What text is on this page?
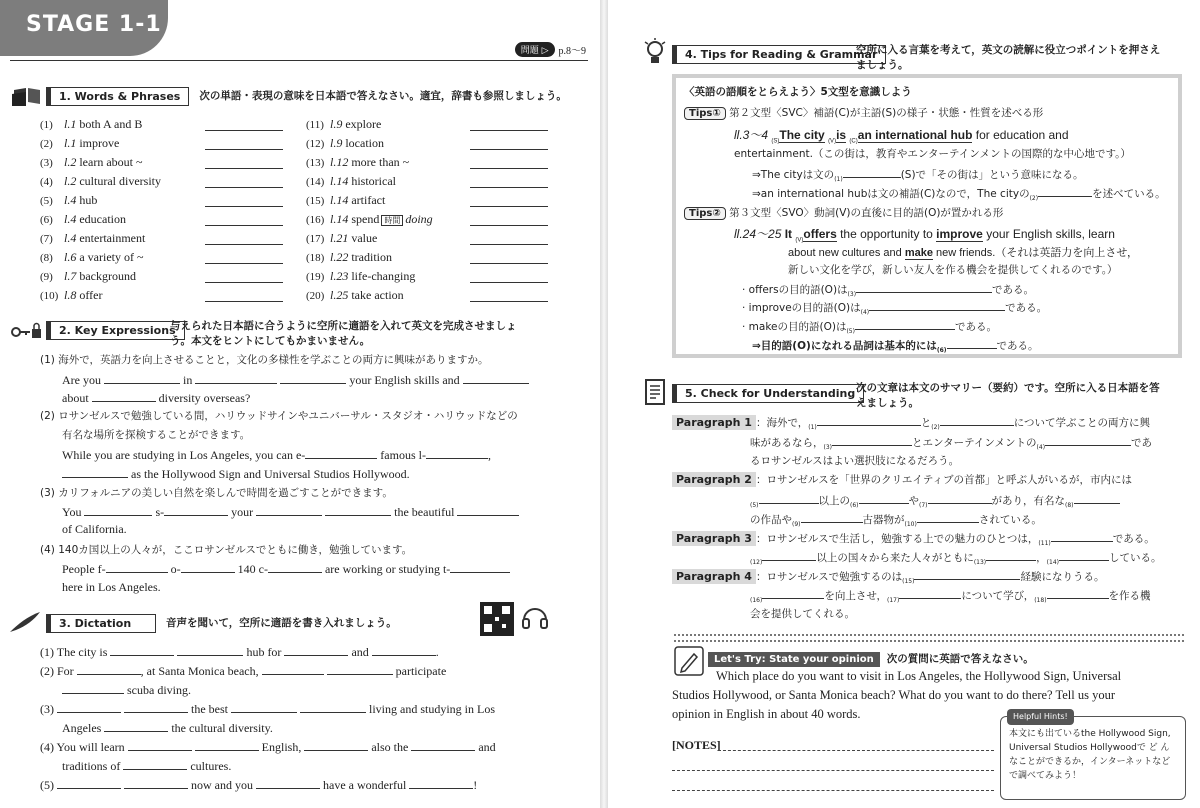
STAGE 1-1
問題 ▷	p.8〜9
1. Words & Phrases	次の単語・表現の意味を日本語で答えなさい。適宜，辞書も参照しましょう。
(1) l.1 both A and B
(2) l.1 improve
(3) l.2 learn about ~
(4) l.2 cultural diversity
(5) l.4 hub
(6) l.4 education
(7) l.4 entertainment
(8) l.6 a variety of ~
(9) l.7 background
(10) l.8 offer
(11) l.9 explore
(12) l.9 location
(13) l.12 more than ~
(14) l.14 historical
(15) l.14 artifact
(16) l.14 spend 時間 doing
(17) l.21 value
(18) l.22 tradition
(19) l.23 life-changing
(20) l.25 take action
2. Key Expressions
与えられた日本語に合うように空所に適語を入れて英文を完成させましょ
う。本文をヒントにしてもかまいません。
(1) 海外で，英語力を向上させることと，文化の多様性を学ぶことの両方に興味がありますか。
Are you	in	your English skills and
about	diversity overseas?
(2) ロサンゼルスで勉強している間，ハリウッドサインやユニバーサル・スタジオ・ハリウッドなどの
有名な場所を探検することができます。
While you are studying in Los Angeles, you can e-	famous l-	,
as the Hollywood Sign and Universal Studios Hollywood.
(3) カリフォルニアの美しい自然を楽しんで時間を過ごすことができます。
You	s-	your	the beautiful
of California.
(4) 140カ国以上の人々が，ここロサンゼルスでともに働き，勉強しています。
People f-	o-	140 c-	are working or studying t-
here in Los Angeles.
3. Dictation	音声を聞いて，空所に適語を書き入れましょう。
(1) The city is	hub for	and	.
(2) For	, at Santa Monica beach,	participate
scuba diving.
(3)	the best	living and studying in Los
Angeles	the cultural diversity.
(4) You will learn	English,	also the	and
traditions of	cultures.
(5)	now and you	have a wonderful	!
4. Tips for Reading & Grammar
空所に入る言葉を考えて，英文の読解に役立つポイントを押さえ
ましょう。
〈英語の語順をとらえよう〉5文型を意識しよう
Tips① 第２文型〈SVC〉補語(C)が主語(S)の様子・状態・性質を述べる形
ll.3〜4 $_{(S)}$The city $_{(V)}$is $_{(C)}$an international hub for education and
entertainment.（この街は，教育やエンターテインメントの国際的な中心地です。）
⇒The cityは文の$_{(1)}$	(S)で「その街は」という意味になる。
⇒an international hubは文の補語(C)なので，The cityの$_{(2)}$	を述べている。
Tips② 第３文型〈SVO〉動詞(V)の直後に目的語(O)が置かれる形
ll.24〜25 It $_{(V)}$offers the opportunity to improve your English skills, learn
about new cultures and make new friends.（それは英語力を向上させ，
新しい文化を学び，新しい友人を作る機会を提供してくれるのです。）
· offersの目的語(O)は$_{(3)}$	である。
· improveの目的語(O)は$_{(4)}$	である。
· makeの目的語(O)は$_{(5)}$	である。
⇒目的語(O)になれる品詞は基本的には$_{(6)}$	である。
5. Check for Understanding 次の文章は本文のサマリー（要約）です。空所に入る日本語を答
えましょう。
Paragraph 1 ：海外で，$_{(1)}$	と$_{(2)}$	について学ぶことの両方に興
味があるなら，$_{(3)}$	とエンターテインメントの$_{(4)}$	であ
るロサンゼルスはよい選択肢になるだろう。
Paragraph 2 ：ロサンゼルスを「世界のクリエイティブの首都」と呼ぶ人がいるが，市内には
$_{(5)}$	以上の$_{(6)}$	や$_{(7)}$	があり，有名な$_{(8)}$
の作品や$_{(9)}$	古器物が$_{(10)}$	されている。
Paragraph 3 ：ロサンゼルスで生活し，勉強する上での魅力のひとつは，$_{(11)}$	である。
$_{(12)}$	以上の国々から来た人々がともに$_{(13)}$	，$_{(14)}$	している。
Paragraph 4 ：ロサンゼルスで勉強するのは$_{(15)}$	経験になりうる。
$_{(16)}$	を向上させ，$_{(17)}$	について学び，$_{(18)}$	を作る機
会を提供してくれる。
Let's Try: State your opinion 次の質問に英語で答えなさい。
Which place do you want to visit in Los Angeles, the Hollywood Sign, Universal
Studios Hollywood, or Santa Monica beach? What do you want to do there? Tell us your
opinion in English in about 40 words.
[NOTES]
Helpful Hints!
本文にも出ているthe Hollywood Sign,
Universal Studios Hollywoodで ど ん
なことができるか，インターネットなど
で調べてみよう！
